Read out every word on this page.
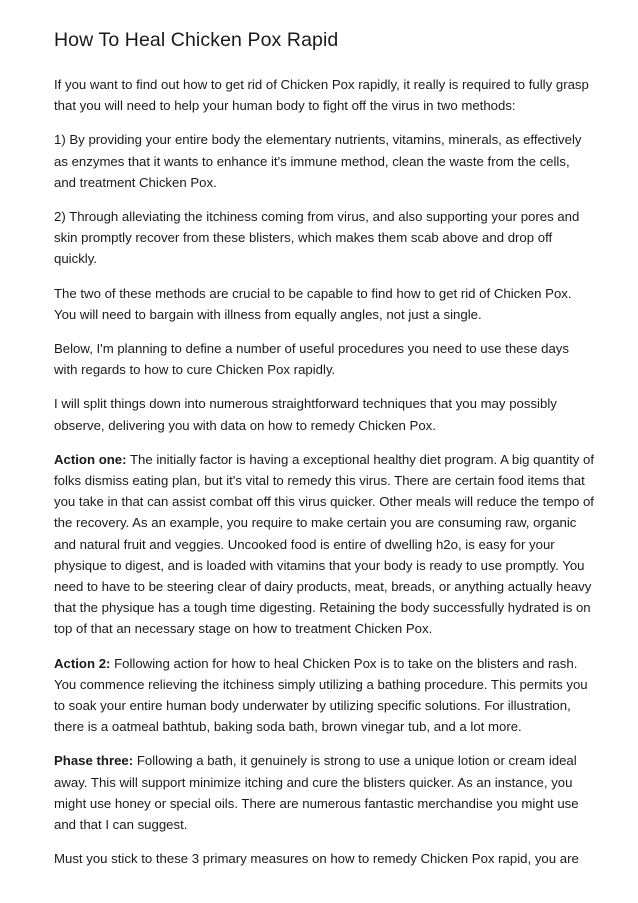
How To Heal Chicken Pox Rapid

If you want to find out how to get rid of Chicken Pox rapidly, it really is required to fully grasp that you will need to help your human body to fight off the virus in two methods:

1) By providing your entire body the elementary nutrients, vitamins, minerals, as effectively as enzymes that it wants to enhance it's immune method, clean the waste from the cells, and treatment Chicken Pox.

2) Through alleviating the itchiness coming from virus, and also supporting your pores and skin promptly recover from these blisters, which makes them scab above and drop off quickly.

The two of these methods are crucial to be capable to find how to get rid of Chicken Pox. You will need to bargain with illness from equally angles, not just a single.

Below, I'm planning to define a number of useful procedures you need to use these days with regards to how to cure Chicken Pox rapidly.

I will split things down into numerous straightforward techniques that you may possibly observe, delivering you with data on how to remedy Chicken Pox.

Action one: The initially factor is having a exceptional healthy diet program. A big quantity of folks dismiss eating plan, but it's vital to remedy this virus. There are certain food items that you take in that can assist combat off this virus quicker. Other meals will reduce the tempo of the recovery. As an example, you require to make certain you are consuming raw, organic and natural fruit and veggies. Uncooked food is entire of dwelling h2o, is easy for your physique to digest, and is loaded with vitamins that your body is ready to use promptly. You need to have to be steering clear of dairy products, meat, breads, or anything actually heavy that the physique has a tough time digesting. Retaining the body successfully hydrated is on top of that an necessary stage on how to treatment Chicken Pox.

Action 2: Following action for how to heal Chicken Pox is to take on the blisters and rash. You commence relieving the itchiness simply utilizing a bathing procedure. This permits you to soak your entire human body underwater by utilizing specific solutions. For illustration, there is a oatmeal bathtub, baking soda bath, brown vinegar tub, and a lot more.

Phase three: Following a bath, it genuinely is strong to use a unique lotion or cream ideal away. This will support minimize itching and cure the blisters quicker. As an instance, you might use honey or special oils. There are numerous fantastic merchandise you might use and that I can suggest.

Must you stick to these 3 primary measures on how to remedy Chicken Pox rapid, you are
